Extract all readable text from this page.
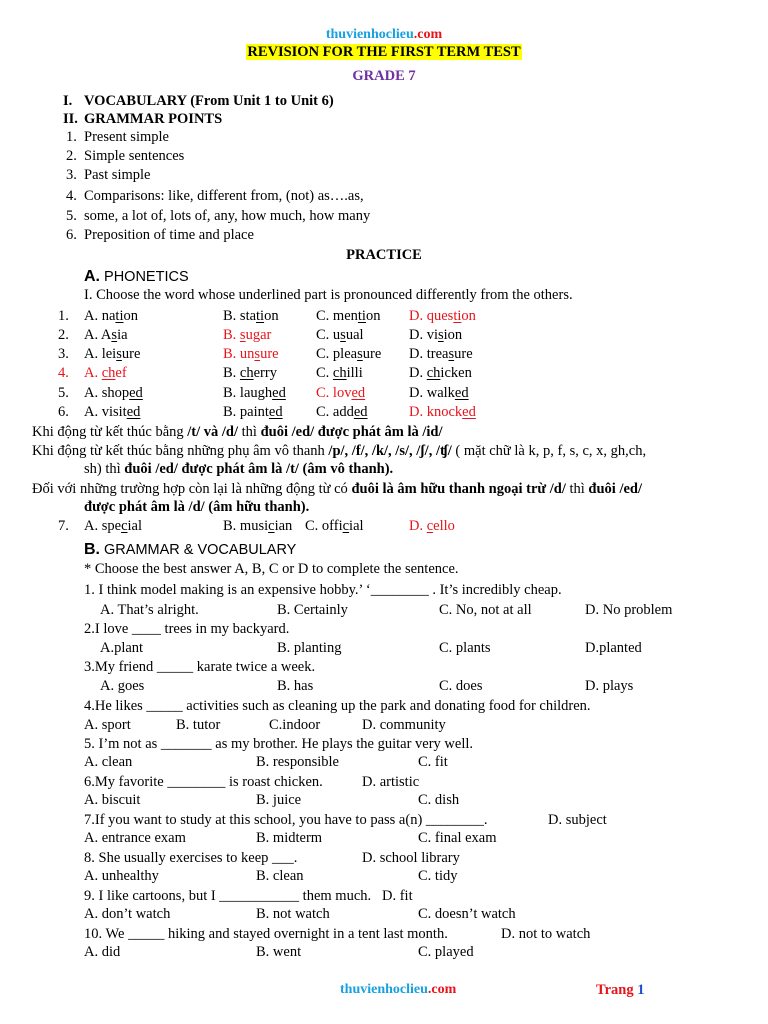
thuvienhoclieu.com
REVISION FOR THE FIRST TERM TEST
GRADE 7
I. VOCABULARY (From Unit 1 to Unit 6)
II. GRAMMAR POINTS
1. Present simple
2. Simple sentences
3. Past simple
4. Comparisons: like, different from, (not) as….as,
5. some, a lot of, lots of, any, how much, how many
6. Preposition of time and place
PRACTICE
A. PHONETICS
I. Choose the word whose underlined part is pronounced differently from the others.
1. A. nation	B. station	C. mention D. question
2. A. Asia	B. sugar	C. usual	D. vision
3. A. leisure	B. unsure	C. pleasure D. treasure
4. A. chef	B. cherry	C. chilli	D. chicken
5. A. shoped	B. laughed C. loved	D. walked
6. A. visited	B. painted C. added	D. knocked
Khi động từ kết thúc bằng /t/ và /d/ thì đuôi /ed/ được phát âm là /id/
Khi động từ kết thúc bằng những phụ âm vô thanh /p/, /f/, /k/, /s/, /ʃ/, /ʧ/ ( mặt chữ là k, p, f, s, c, x, gh,ch,
sh) thì đuôi /ed/ được phát âm là /t/ (âm vô thanh).
Đối với những trường hợp còn lại là những động từ có đuôi là âm hữu thanh ngoại trừ /d/ thì đuôi /ed/
được phát âm là /d/ (âm hữu thanh).
7. A. special	B. musician C. official	D. cello
B. GRAMMAR & VOCABULARY
* Choose the best answer A, B, C or D to complete the sentence.
1. I think model making is an expensive hobby.’ ‘________ . It’s incredibly cheap.
A. That’s alright.	B. Certainly	C. No, not at all	D. No problem
2.I love ____ trees in my backyard.
A.plant	B. planting	C. plants	D.planted
3.My friend _____ karate twice a week.
A. goes	B. has	C. does	D. plays
4.He likes _____ activities such as cleaning up the park and donating food for children.
A. sport	B. tutor	C.indoor	D. community
5. I’m not as _______ as my brother. He plays the guitar very well.
A. clean	B. responsible	C. fit
6.My favorite ________ is roast chicken.	D. artistic
A. biscuit	B. juice	C. dish
7.If you want to study at this school, you have to pass a(n) ________.	D. subject
A. entrance exam	B. midterm	C. final exam
8. She usually exercises to keep ___.	D. school library
A. unhealthy	B. clean	C. tidy
9. I like cartoons, but I ___________ them much. D. fit
A. don’t watch	B. not watch	C. doesn’t watch
10. We _____ hiking and stayed overnight in a tent last month.	D. not to watch
A. did	B. went	C. played
thuvienhoclieu.com	Trang 1
